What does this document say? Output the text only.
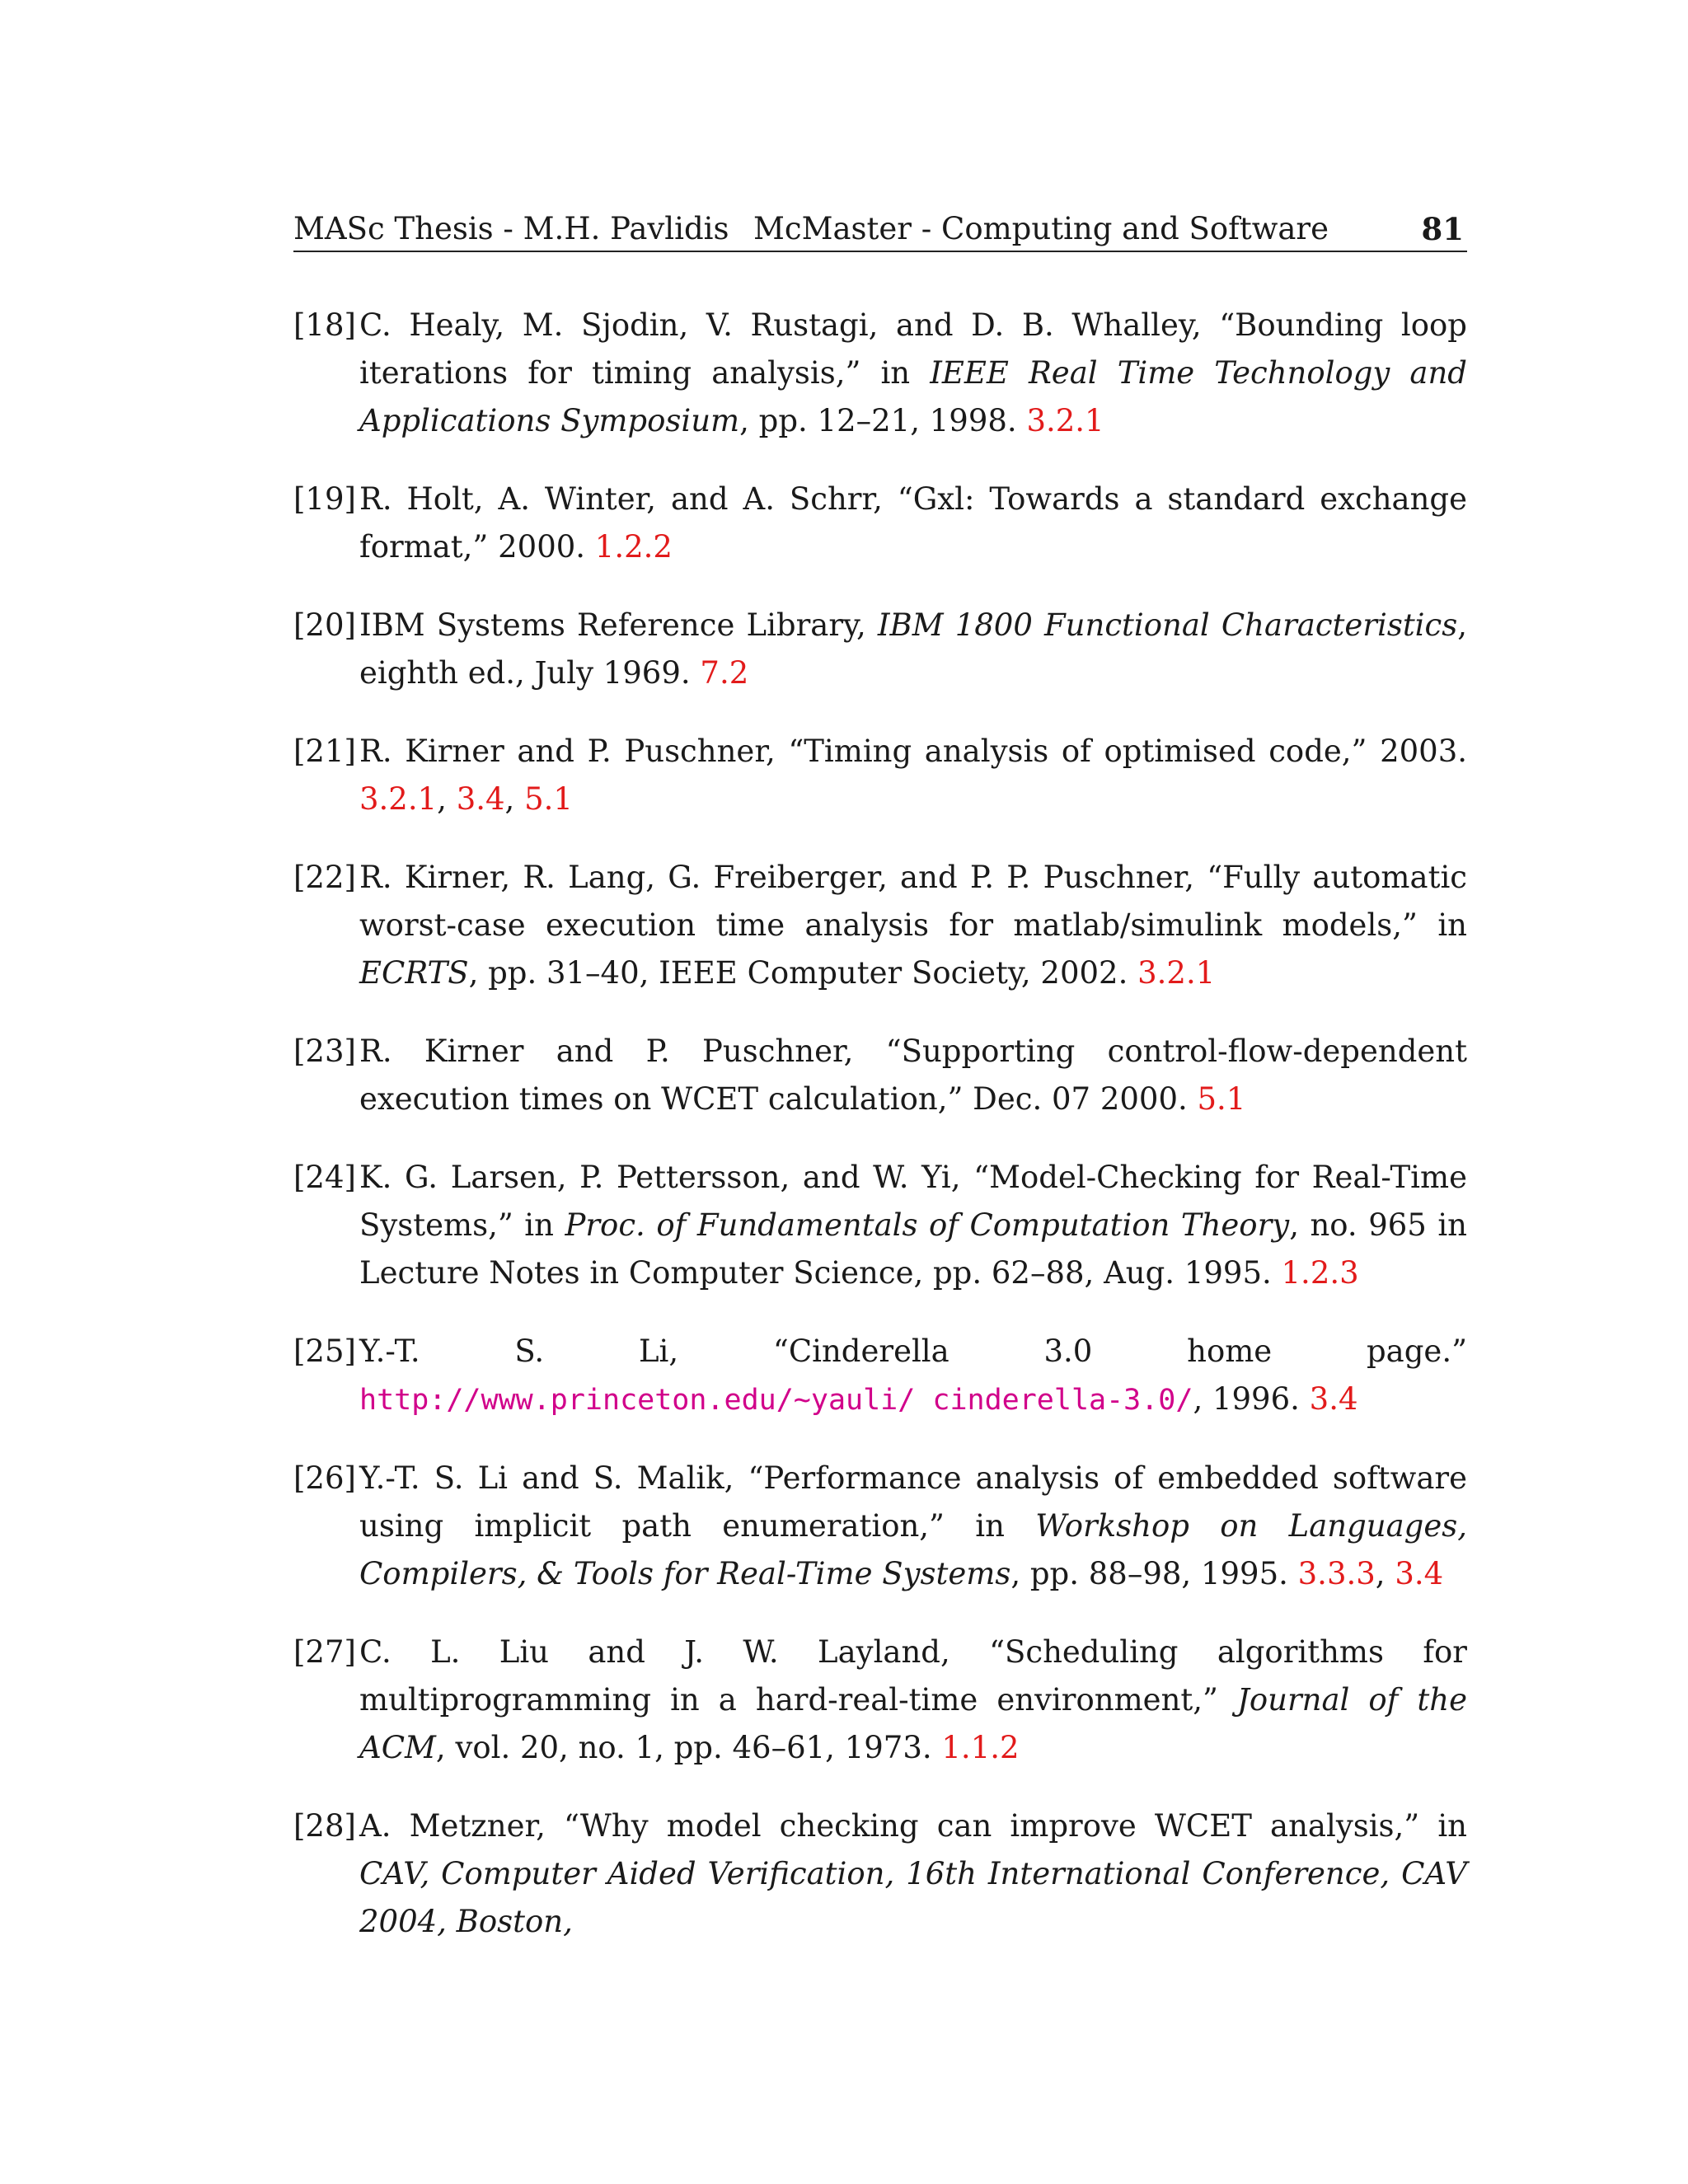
MASc Thesis - M.H. Pavlidis McMaster - Computing and Software	81
[18] C. Healy, M. Sjodin, V. Rustagi, and D. B. Whalley, “Bounding loop iterations for timing analysis,” in IEEE Real Time Technology and Applications Symposium, pp. 12–21, 1998. 3.2.1
[19] R. Holt, A. Winter, and A. Schrr, “Gxl: Towards a standard exchange format,” 2000. 1.2.2
[20] IBM Systems Reference Library, IBM 1800 Functional Characteristics, eighth ed., July 1969. 7.2
[21] R. Kirner and P. Puschner, “Timing analysis of optimised code,” 2003. 3.2.1, 3.4, 5.1
[22] R. Kirner, R. Lang, G. Freiberger, and P. P. Puschner, “Fully automatic worst-case execution time analysis for matlab/simulink models,” in ECRTS, pp. 31–40, IEEE Computer Society, 2002. 3.2.1
[23] R. Kirner and P. Puschner, “Supporting control-flow-dependent execution times on WCET calculation,” Dec. 07 2000. 5.1
[24] K. G. Larsen, P. Pettersson, and W. Yi, “Model-Checking for Real-Time Systems,” in Proc. of Fundamentals of Computation Theory, no. 965 in Lecture Notes in Computer Science, pp. 62–88, Aug. 1995. 1.2.3
[25] Y.-T. S. Li, “Cinderella 3.0 home page.” http://www.princeton.edu/~yauli/ cinderella-3.0/, 1996. 3.4
[26] Y.-T. S. Li and S. Malik, “Performance analysis of embedded software using implicit path enumeration,” in Workshop on Languages, Compilers, & Tools for Real-Time Systems, pp. 88–98, 1995. 3.3.3, 3.4
[27] C. L. Liu and J. W. Layland, “Scheduling algorithms for multiprogramming in a hard-real-time environment,” Journal of the ACM, vol. 20, no. 1, pp. 46–61, 1973. 1.1.2
[28] A. Metzner, “Why model checking can improve WCET analysis,” in CAV, Computer Aided Verification, 16th International Conference, CAV 2004, Boston,
